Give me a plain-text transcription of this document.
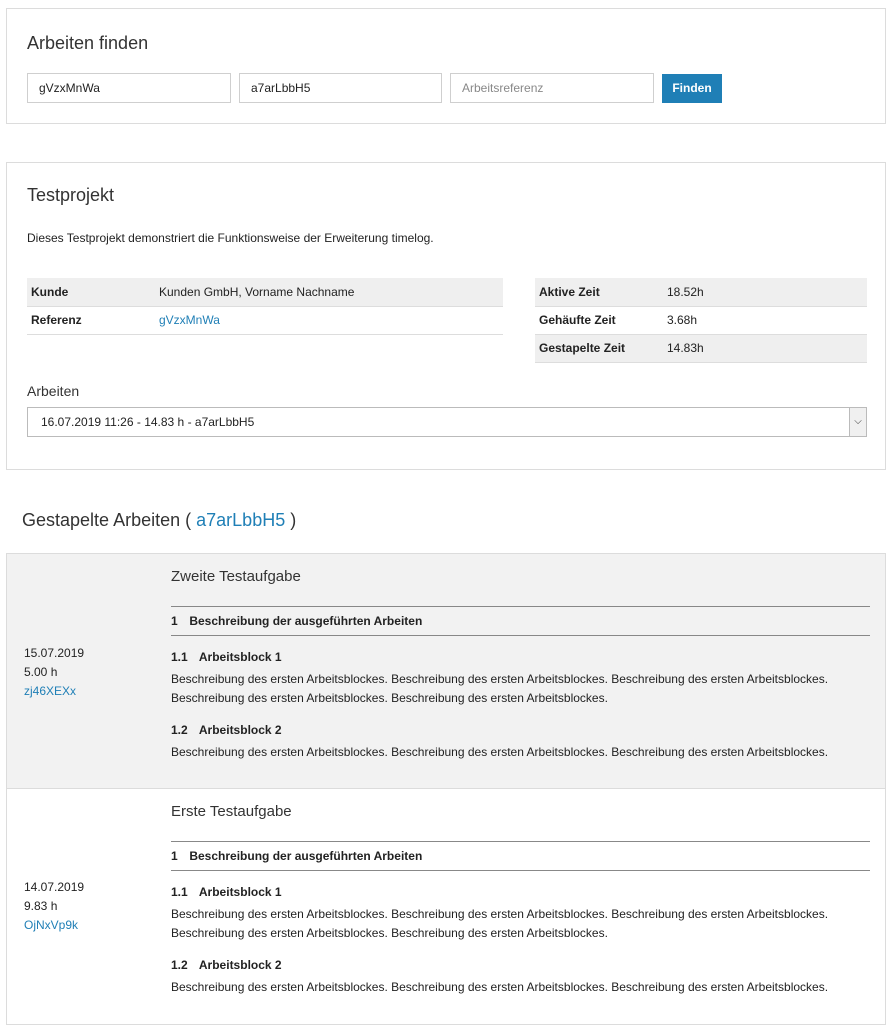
Arbeiten finden
gVzxMnWa	a7arLbbH5	Arbeitsreferenz	Finden
Testprojekt
Dieses Testprojekt demonstriert die Funktionsweise der Erweiterung timelog.
Kunde	Kunden GmbH, Vorname Nachname
Referenz	gVzxMnWa
Aktive Zeit	18.52h
Gehäufte Zeit	3.68h
Gestapelte Zeit	14.83h
Arbeiten
16.07.2019 11:26 - 14.83 h - a7arLbbH5	⌵
Gestapelte Arbeiten ( a7arLbbH5 )
15.07.2019
5.00 h
zj46XEXx
Zweite Testaufgabe
1 Beschreibung der ausgeführten Arbeiten
1.1 Arbeitsblock 1
Beschreibung des ersten Arbeitsblockes. Beschreibung des ersten Arbeitsblockes. Beschreibung des ersten Arbeitsblockes. Beschreibung des ersten Arbeitsblockes. Beschreibung des ersten Arbeitsblockes.
1.2 Arbeitsblock 2
Beschreibung des ersten Arbeitsblockes. Beschreibung des ersten Arbeitsblockes. Beschreibung des ersten Arbeitsblockes.
14.07.2019
9.83 h
OjNxVp9k
Erste Testaufgabe
1 Beschreibung der ausgeführten Arbeiten
1.1 Arbeitsblock 1
Beschreibung des ersten Arbeitsblockes. Beschreibung des ersten Arbeitsblockes. Beschreibung des ersten Arbeitsblockes. Beschreibung des ersten Arbeitsblockes. Beschreibung des ersten Arbeitsblockes.
1.2 Arbeitsblock 2
Beschreibung des ersten Arbeitsblockes. Beschreibung des ersten Arbeitsblockes. Beschreibung des ersten Arbeitsblockes.
